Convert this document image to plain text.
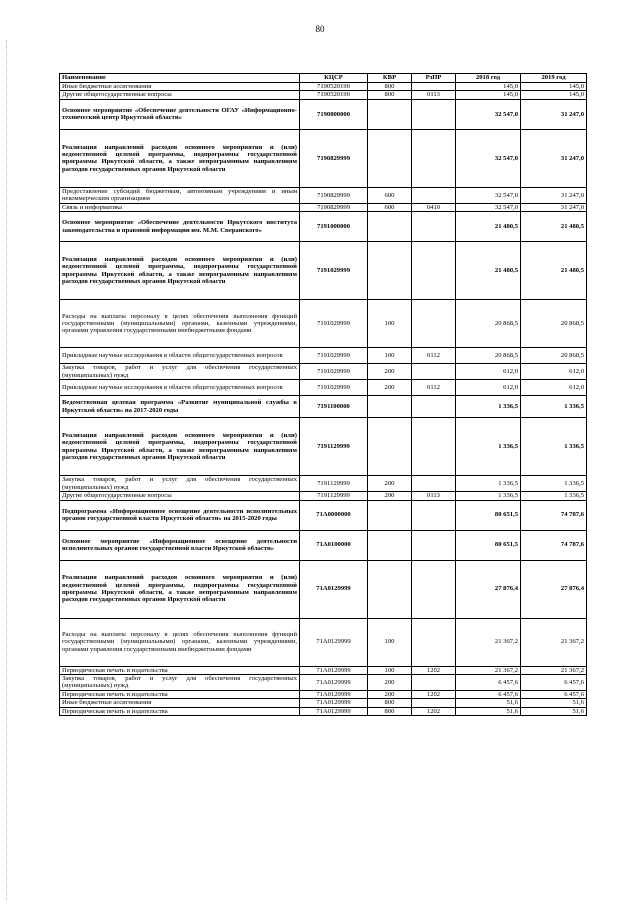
80
Наименование	КЦСР	КВР	РзПР	2018 год	2019 год
Иные бюджетные ассигнования	7190520190	800		145,0	145,0
Другие общегосударственные вопросы	7190520190	800	0113	145,0	145,0
Основное мероприятие «Обеспечение деятельности ОГАУ «Информационно-технический центр Иркутской области»	7190800000			32 547,0	31 247,0
Реализация направлений расходов основного мероприятия и (или) ведомственной целевой программы, подпрограммы государственной программы Иркутской области, а также непрограммным направлениям расходов государственных органов Иркутской области	7190829999			32 547,0	31 247,0
Предоставление субсидий бюджетным, автономным учреждениям и иным некоммерческим организациям	7190829999	600		32 547,0	31 247,0
Связь и информатика	7190829999	600	0410	32 547,0	31 247,0
Основное мероприятие «Обеспечение деятельности Иркутского института законодательства и правовой информации им. М.М. Сперанского»	7191000000			21 480,5	21 480,5
Реализация направлений расходов основного мероприятия и (или) ведомственной целевой программы, подпрограммы государственной программы Иркутской области, а также непрограммным направлениям расходов государственных органов Иркутской области	7191029999			21 480,5	21 480,5
Расходы на выплаты персоналу в целях обеспечения выполнения функций государственными (муниципальными) органами, казенными учреждениями, органами управления государственными внебюджетными фондами	7191029999	100		20 868,5	20 868,5
Прикладные научные исследования в области общегосударственных вопросов	7191029999	100	0112	20 868,5	20 868,5
Закупка товаров, работ и услуг для обеспечения государственных (муниципальных) нужд	7191029999	200		612,0	612,0
Прикладные научные исследования в области общегосударственных вопросов	7191029999	200	0112	612,0	612,0
Ведомственная целевая программа «Развитие муниципальной службы в Иркутской области» на 2017-2020 годы	7191100000			1 336,5	1 336,5
Реализация направлений расходов основного мероприятия и (или) ведомственной целевой программы, подпрограммы государственной программы Иркутской области, а также непрограммным направлениям расходов государственных органов Иркутской области	7191129999			1 336,5	1 336,5
Закупка товаров, работ и услуг для обеспечения государственных (муниципальных) нужд	7191129999	200		1 336,5	1 336,5
Другие общегосударственные вопросы	7191129999	200	0113	1 336,5	1 336,5
Подпрограмма «Информационное освещение деятельности исполнительных органов государственной власти Иркутской области» на 2015-2020 годы	71А0000000			80 651,5	74 787,6
Основное мероприятие «Информационное освещение деятельности исполнительных органов государственной власти Иркутской области»	71А0100000			80 651,5	74 787,6
Реализация направлений расходов основного мероприятия и (или) ведомственной целевой программы, подпрограммы государственной программы Иркутской области, а также непрограммным направлениям расходов государственных органов Иркутской области	71А0129999			27 876,4	27 876,4
Расходы на выплаты персоналу в целях обеспечения выполнения функций государственными (муниципальными) органами, казенными учреждениями, органами управления государственными внебюджетными фондами	71А0129999	100		21 367,2	21 367,2
Периодическая печать и издательства	71А0129999	100	1202	21 367,2	21 367,2
Закупка товаров, работ и услуг для обеспечения государственных (муниципальных) нужд	71А0129999	200		6 457,6	6 457,6
Периодическая печать и издательства	71А0129999	200	1202	6 457,6	6 457,6
Иные бюджетные ассигнования	71А0129999	800		51,6	51,6
Периодическая печать и издательства	71А0129999	800	1202	51,6	51,6
